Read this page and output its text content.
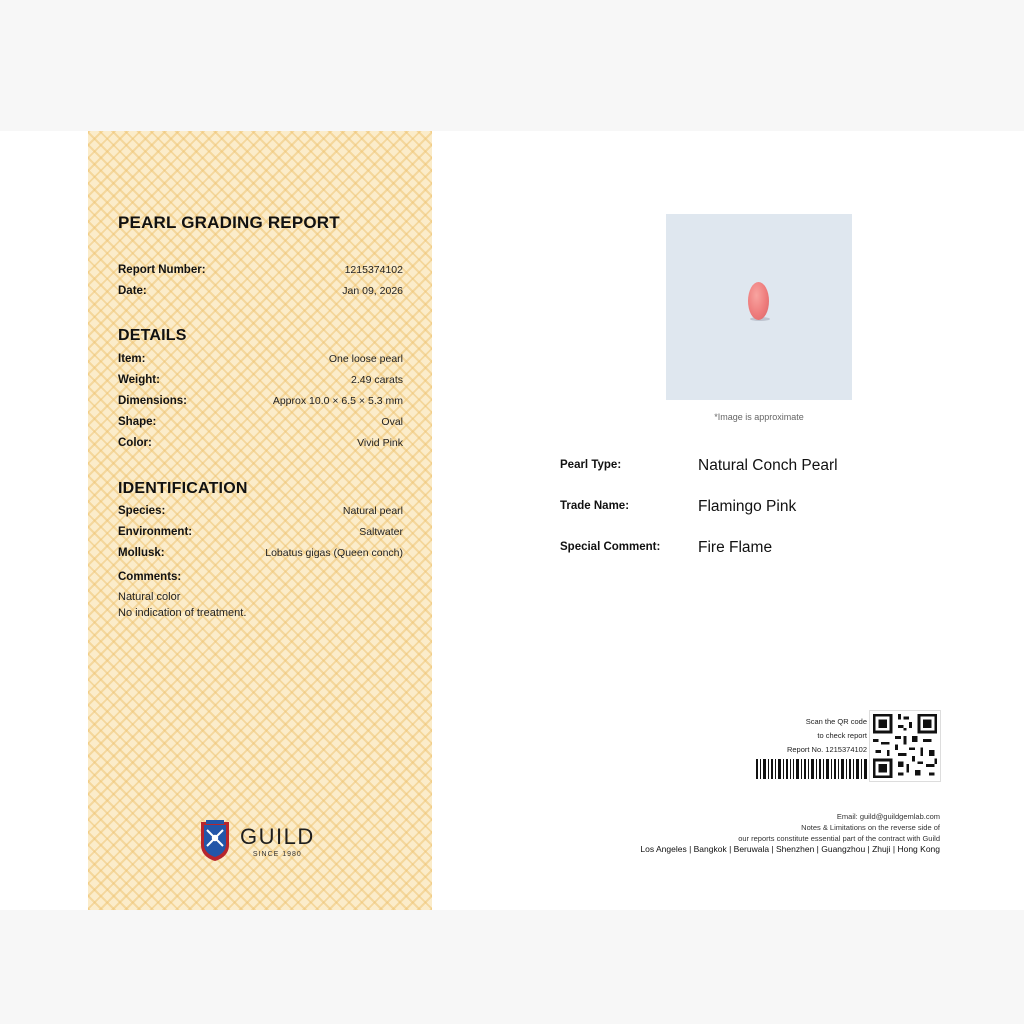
PEARL GRADING REPORT
Report Number:	1215374102
Date:	Jan 09, 2026
DETAILS
Item:	One loose pearl
Weight:	2.49 carats
Dimensions:	Approx 10.0 × 6.5 × 5.3 mm
Shape:	Oval
Color:	Vivid Pink
IDENTIFICATION
Species:	Natural pearl
Environment:	Saltwater
Mollusk:	Lobatus gigas (Queen conch)
Comments:
Natural color
No indication of treatment.
GUILD
SINCE 1980
*Image is approximate
Pearl Type:	Natural Conch Pearl
Trade Name:	Flamingo Pink
Special Comment: Fire Flame
Scan the QR code
to check report
Report No. 1215374102
Email: guild@guildgemlab.com
Notes & Limitations on the reverse side of
our reports constitute essential part of the contract with Guild
Los Angeles | Bangkok | Beruwala | Shenzhen | Guangzhou | Zhuji | Hong Kong
